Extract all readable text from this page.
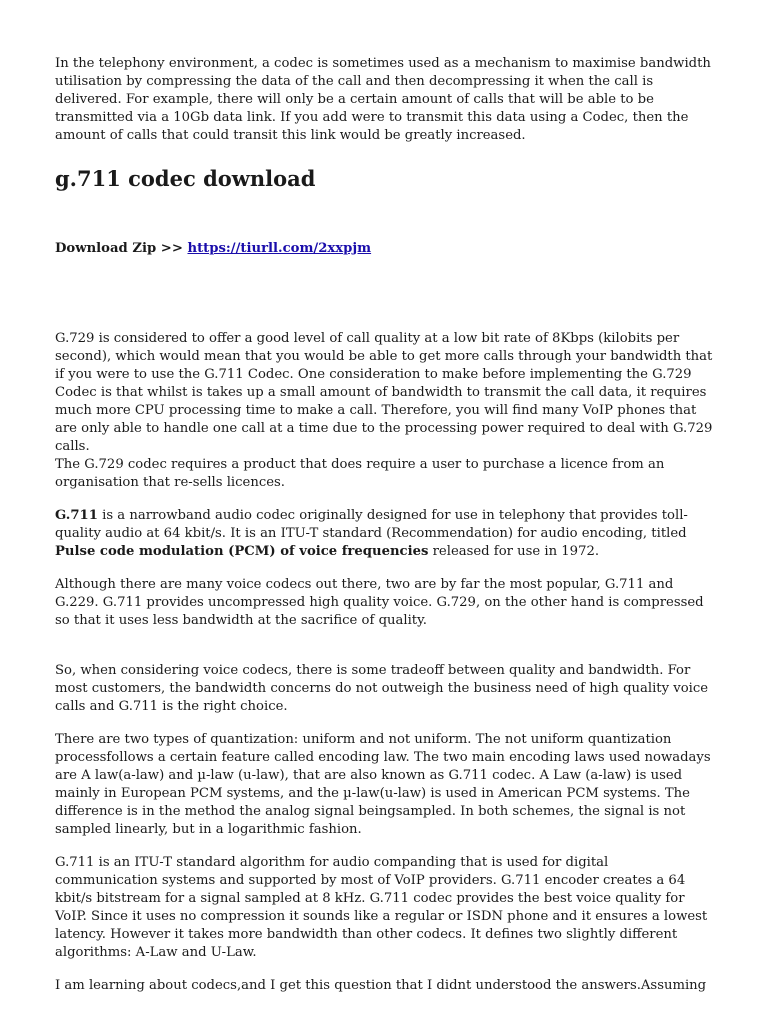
In the telephony environment, a codec is sometimes used as a mechanism to maximise bandwidth utilisation by compressing the data of the call and then decompressing it when the call is delivered. For example, there will only be a certain amount of calls that will be able to be transmitted via a 10Gb data link. If you add were to transmit this data using a Codec, then the amount of calls that could transit this link would be greatly increased.

g.711 codec download
Download Zip >> https://tiurll.com/2xxpjm

G.729 is considered to offer a good level of call quality at a low bit rate of 8Kbps (kilobits per second), which would mean that you would be able to get more calls through your bandwidth that if you were to use the G.711 Codec. One consideration to make before implementing the G.729 Codec is that whilst is takes up a small amount of bandwidth to transmit the call data, it requires much more CPU processing time to make a call. Therefore, you will find many VoIP phones that are only able to handle one call at a time due to the processing power required to deal with G.729 calls.

The G.729 codec requires a product that does require a user to purchase a licence from an organisation that re-sells licences.

G.711 is a narrowband audio codec originally designed for use in telephony that provides toll-quality audio at 64 kbit/s. It is an ITU-T standard (Recommendation) for audio encoding, titled Pulse code modulation (PCM) of voice frequencies released for use in 1972.

Although there are many voice codecs out there, two are by far the most popular, G.711 and G.229. G.711 provides uncompressed high quality voice. G.729, on the other hand is compressed so that it uses less bandwidth at the sacrifice of quality.

So, when considering voice codecs, there is some tradeoff between quality and bandwidth. For most customers, the bandwidth concerns do not outweigh the business need of high quality voice calls and G.711 is the right choice.

There are two types of quantization: uniform and not uniform. The not uniform quantization processfollows a certain feature called encoding law. The two main encoding laws used nowadays are A law(a-law) and µ-law (u-law), that are also known as G.711 codec. A Law (a-law) is used mainly in European PCM systems, and the µ-law(u-law) is used in American PCM systems. The difference is in the method the analog signal beingsampled. In both schemes, the signal is not sampled linearly, but in a logarithmic fashion.

G.711 is an ITU-T standard algorithm for audio companding that is used for digital communication systems and supported by most of VoIP providers. G.711 encoder creates a 64 kbit/s bitstream for a signal sampled at 8 kHz. G.711 codec provides the best voice quality for VoIP. Since it uses no compression it sounds like a regular or ISDN phone and it ensures a lowest latency. However it takes more bandwidth than other codecs. It defines two slightly different algorithms: A-Law and U-Law.

I am learning about codecs,and I get this question that I didnt understood the answers.Assuming
